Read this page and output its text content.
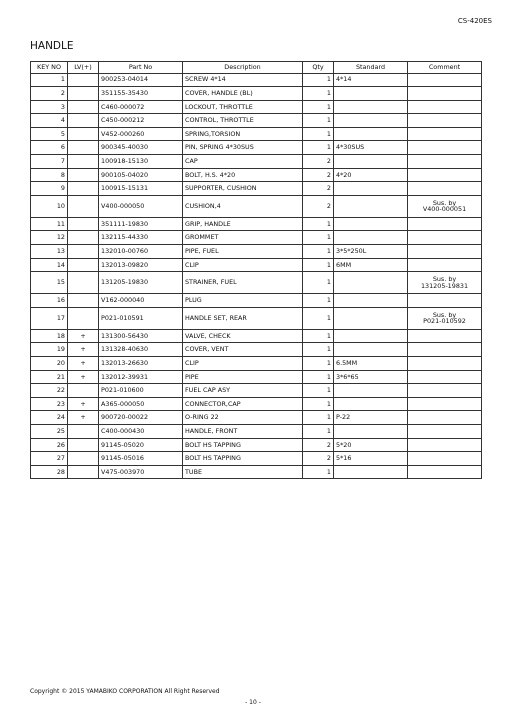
CS-420ES
HANDLE
KEY NO	LV(+)	Part No	Description	Qty	Standard	Comment
1		900253-04014	SCREW 4*14	1	4*14	
2		351155-35430	COVER, HANDLE (BL)	1		
3		C460-000072	LOCKOUT, THROTTLE	1		
4		C450-000212	CONTROL, THROTTLE	1		
5		V452-000260	SPRING,TORSION	1		
6		900345-40030	PIN, SPRING 4*30SUS	1	4*30SUS	
7		100918-15130	CAP	2		
8		900105-04020	BOLT, H.S. 4*20	2	4*20	
9		100915-15131	SUPPORTER, CUSHION	2		
10		V400-000050	CUSHION,4	2		Sus. by
V400-000051
11		351111-19830	GRIP, HANDLE	1		
12		132115-44330	GROMMET	1		
13		132010-00760	PIPE, FUEL	1	3*5*250L	
14		132013-09820	CLIP	1	6MM	
15		131205-19830	STRAINER, FUEL	1		Sus. by
131205-19831
16		V162-000040	PLUG	1		
17		P021-010591	HANDLE SET, REAR	1		Sus. by
P021-010592
18	+	131300-56430	VALVE, CHECK	1		
19	+	131328-40630	COVER, VENT	1		
20	+	132013-26630	CLIP	1	6.5MM	
21	+	132012-39931	PIPE	1	3*6*65	
22		P021-010600	FUEL CAP ASY	1		
23	+	A365-000050	CONNECTOR,CAP	1		
24	+	900720-00022	O-RING 22	1	P-22	
25		C400-000430	HANDLE, FRONT	1		
26		91145-05020	BOLT HS TAPPING	2	5*20	
27		91145-05016	BOLT HS TAPPING	2	5*16	
28		V475-003970	TUBE	1		
Copyright © 2015 YAMABIKO CORPORATION All Right Reserved
- 10 -
